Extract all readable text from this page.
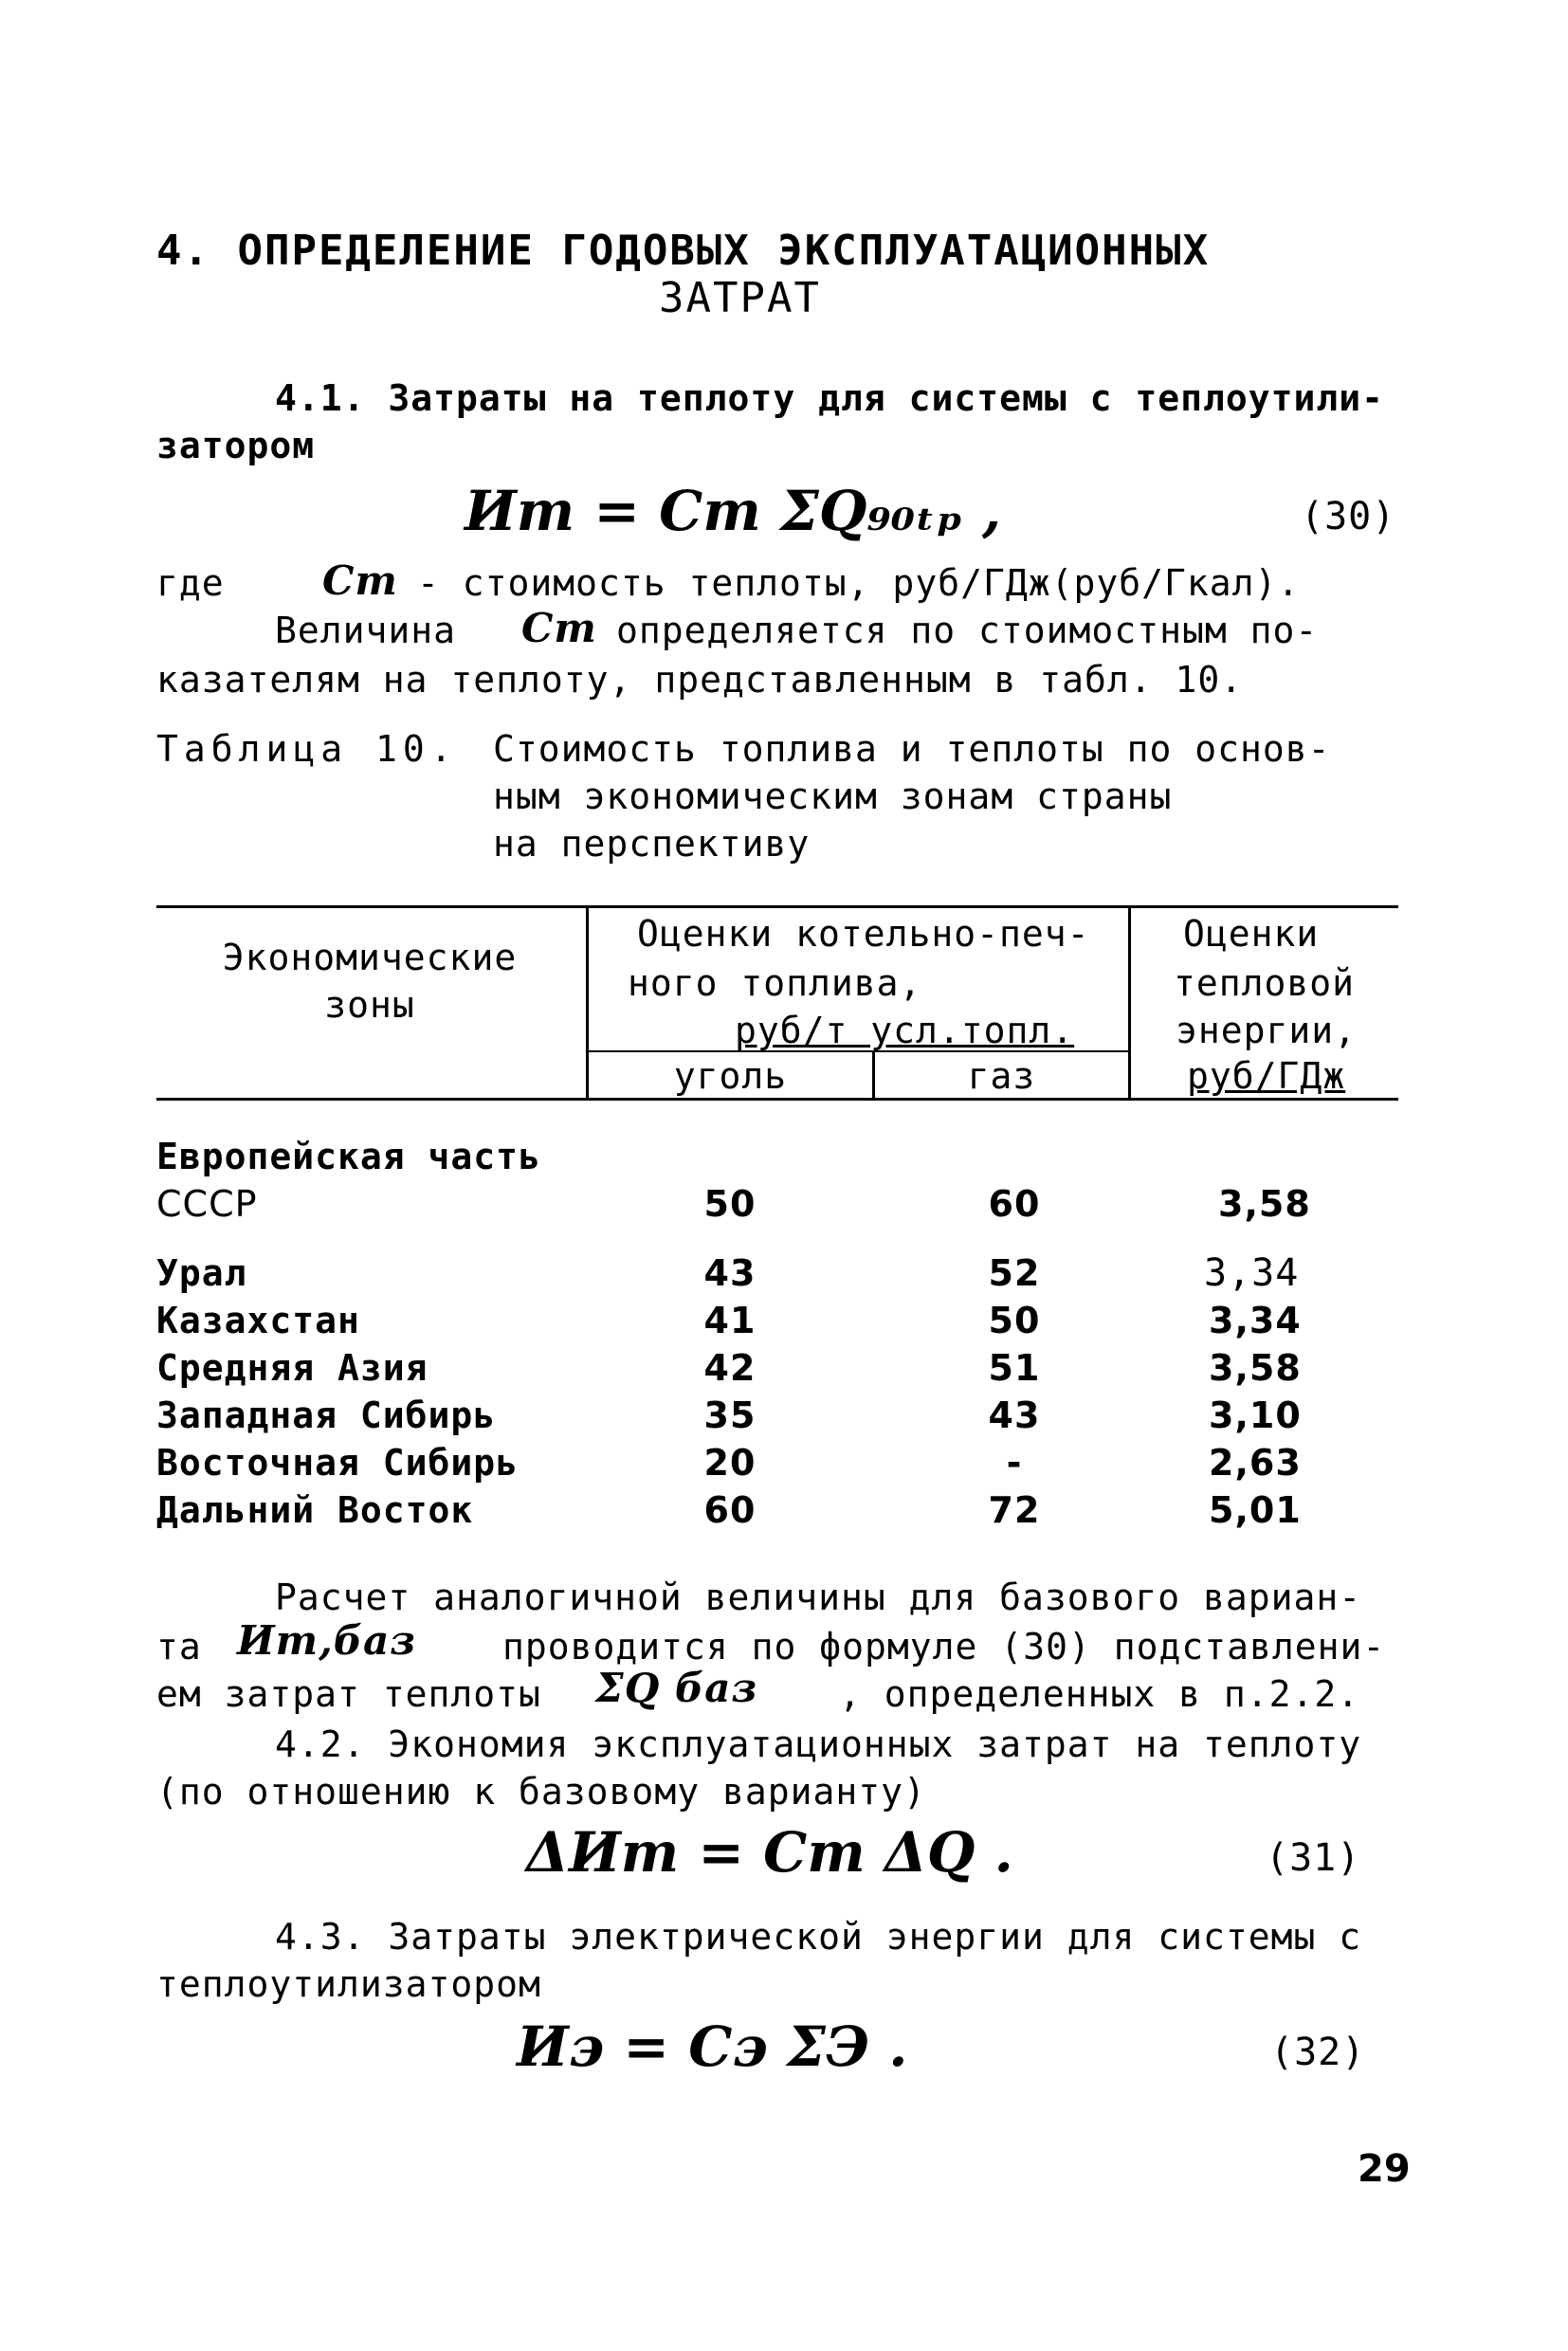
4. ОПРЕДЕЛЕНИЕ ГОДОВЫХ ЭКСПЛУАТАЦИОННЫХ
ЗАТРАТ
4.1. Затраты на теплоту для системы с теплоутили-
затором
Ит = Ст ΣQ₉₀ₜₚ ,	(30)
где Ст - стоимость теплоты, руб/ГДж(руб/Гкал).
Величина Ст определяется по стоимостным по-
казателям на теплоту, представленным в табл. 10.
Таблица 10. Стоимость топлива и теплоты по основ-
ным экономическим зонам страны
на перспективу
Экономические
зоны
Оценки котельно-печ-
ного топлива,
руб/т усл.топл.
уголь	газ
Оценки
тепловой
энергии,
руб/ГДж
Европейская часть
СССР	50	60	3,58
Урал	43	52	3,34
Казахстан	41	50	3,34
Средняя Азия	42	51	3,58
Западная Сибирь	35	43	3,10
Восточная Сибирь	20	-	2,63
Дальний Восток	60	72	5,01
Расчет аналогичной величины для базового вариан-
та Ит,баз проводится по формуле (30) подставлени-
ем затрат теплоты ΣQ баз , определенных в п.2.2.
4.2. Экономия эксплуатационных затрат на теплоту
(по отношению к базовому варианту)
ΔИт = Ст ΔQ .	(31)
4.3. Затраты электрической энергии для системы с
теплоутилизатором
Иэ = Сэ ΣЭ .	(32)
29
